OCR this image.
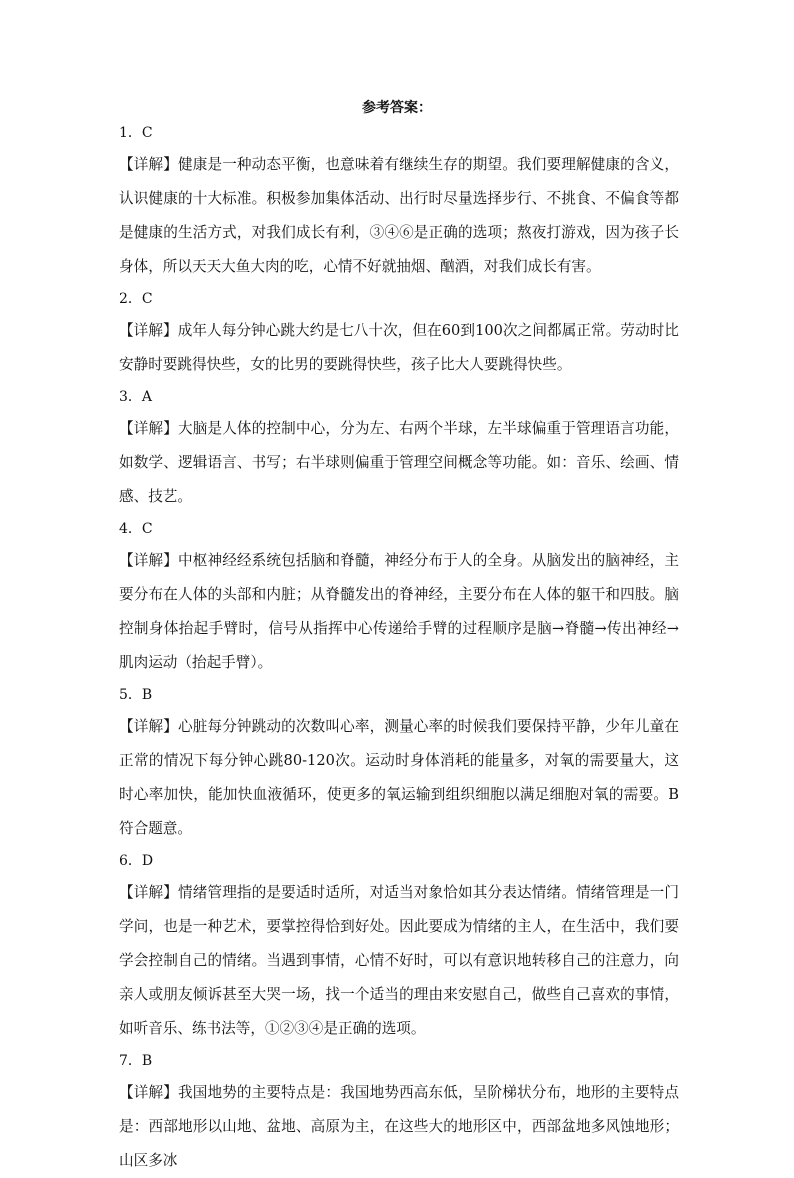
参考答案：
1．C
【详解】健康是一种动态平衡，也意味着有继续生存的期望。我们要理解健康的含义，认识健康的十大标准。积极参加集体活动、出行时尽量选择步行、不挑食、不偏食等都是健康的生活方式，对我们成长有利，③④⑥是正确的选项；熬夜打游戏，因为孩子长身体，所以天天大鱼大肉的吃，心情不好就抽烟、酗酒，对我们成长有害。
2．C
【详解】成年人每分钟心跳大约是七八十次，但在60到100次之间都属正常。劳动时比安静时要跳得快些，女的比男的要跳得快些，孩子比大人要跳得快些。
3．A
【详解】大脑是人体的控制中心，分为左、右两个半球，左半球偏重于管理语言功能，如数学、逻辑语言、书写；右半球则偏重于管理空间概念等功能。如：音乐、绘画、情感、技艺。
4．C
【详解】中枢神经经系统包括脑和脊髓，神经分布于人的全身。从脑发出的脑神经，主要分布在人体的头部和内脏；从脊髓发出的脊神经，主要分布在人体的躯干和四肢。脑控制身体抬起手臂时，信号从指挥中心传递给手臂的过程顺序是脑→脊髓→传出神经→肌肉运动（抬起手臂）。
5．B
【详解】心脏每分钟跳动的次数叫心率，测量心率的时候我们要保持平静，少年儿童在正常的情况下每分钟心跳80-120次。运动时身体消耗的能量多，对氧的需要量大，这时心率加快，能加快血液循环，使更多的氧运输到组织细胞以满足细胞对氧的需要。B符合题意。
6．D
【详解】情绪管理指的是要适时适所，对适当对象恰如其分表达情绪。情绪管理是一门学问，也是一种艺术，要掌控得恰到好处。因此要成为情绪的主人，在生活中，我们要学会控制自己的情绪。当遇到事情，心情不好时，可以有意识地转移自己的注意力，向亲人或朋友倾诉甚至大哭一场，找一个适当的理由来安慰自己，做些自己喜欢的事情，如听音乐、练书法等，①②③④是正确的选项。
7．B
【详解】我国地势的主要特点是：我国地势西高东低，呈阶梯状分布，地形的主要特点是：西部地形以山地、盆地、高原为主，在这些大的地形区中，西部盆地多风蚀地形；山区多冰
